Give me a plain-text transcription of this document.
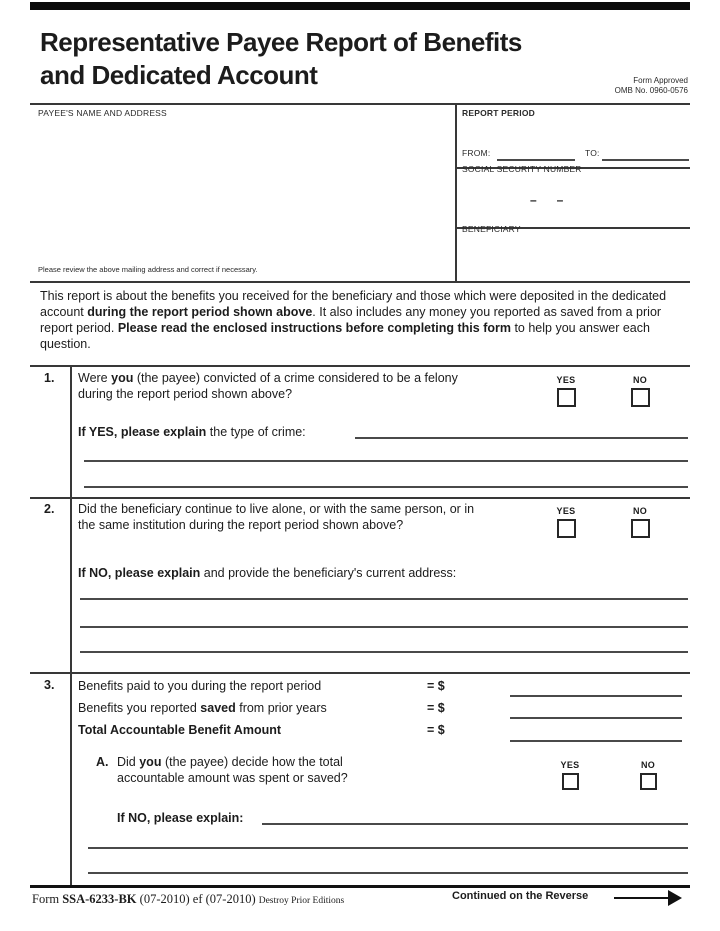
Representative Payee Report of Benefits
and Dedicated Account	Form Approved
OMB No. 0960-0576
PAYEE'S NAME AND ADDRESS
Please review the above mailing address and correct if necessary.
REPORT PERIOD
FROM:	TO:
SOCIAL SECURITY NUMBER
–      –
BENEFICIARY

This report is about the benefits you received for the beneficiary and those which were deposited in the dedicated account during the report period shown above. It also includes any money you reported as saved from a prior report period. Please read the enclosed instructions before completing this form to help you answer each question.

1. Were you (the payee) convicted of a crime considered to be a felony during the report period shown above?
YES	NO
If YES, please explain the type of crime:
2. Did the beneficiary continue to live alone, or with the same person, or in the same institution during the report period shown above?
YES	NO
If NO, please explain and provide the beneficiary's current address:
3. Benefits paid to you during the report period	= $
Benefits you reported saved from prior years	= $
Total Accountable Benefit Amount	= $
A. Did you (the payee) decide how the total accountable amount was spent or saved?
YES	NO
If NO, please explain:
Form SSA-6233-BK (07-2010) ef (07-2010) Destroy Prior Editions	Continued on the Reverse
